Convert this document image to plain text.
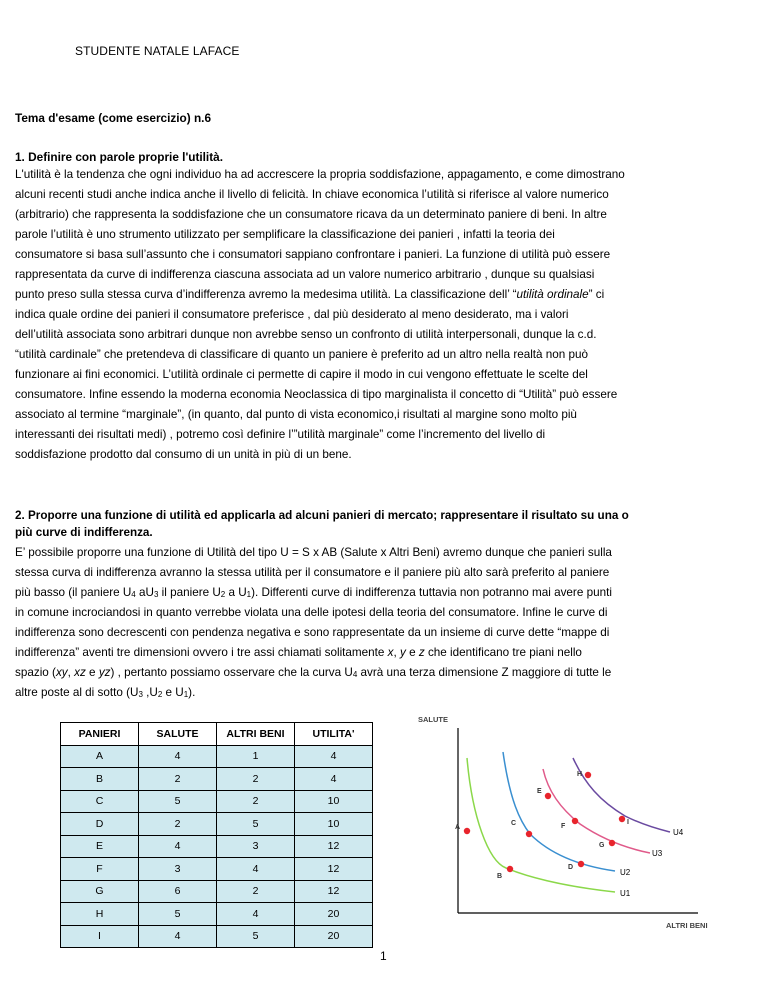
STUDENTE NATALE LAFACE
Tema d'esame (come esercizio) n.6
1. Definire con parole proprie l'utilità.
L'utilità è la tendenza che ogni individuo ha ad accrescere la propria soddisfazione, appagamento, e come dimostrano
alcuni recenti studi anche indica anche il livello di felicità. In chiave economica l’utilità si riferisce al valore numerico
(arbitrario) che rappresenta la soddisfazione che un consumatore ricava da un determinato paniere di beni. In altre
parole l’utilità è uno strumento utilizzato per semplificare la classificazione dei panieri , infatti la teoria dei
consumatore si basa sull’assunto che i consumatori sappiano confrontare i panieri. La funzione di utilità può essere
rappresentata da curve di indifferenza ciascuna associata ad un valore numerico arbitrario , dunque su qualsiasi
punto preso sulla stessa curva d’indifferenza avremo la medesima utilità. La classificazione dell’ “utilità ordinale” ci
indica quale ordine dei panieri il consumatore preferisce , dal più desiderato al meno desiderato, ma i valori
dell’utilità associata sono arbitrari dunque non avrebbe senso un confronto di utilità interpersonali, dunque la c.d.
“utilità cardinale” che pretendeva di classificare di quanto un paniere è preferito ad un altro nella realtà non può
funzionare ai fini economici. L’utilità ordinale ci permette di capire il modo in cui vengono effettuate le scelte del
consumatore. Infine essendo la moderna economia Neoclassica di tipo marginalista il concetto di “Utilità” può essere
associato al termine “marginale”, (in quanto, dal punto di vista economico,i risultati al margine sono molto più
interessanti dei risultati medi) , potremo così definire l’”utilità marginale” come l’incremento del livello di
soddisfazione prodotto dal consumo di un unità in più di un bene.
2. Proporre una funzione di utilità ed applicarla ad alcuni panieri di mercato; rappresentare il risultato su una o
più curve di indifferenza.
E’ possibile proporre una funzione di Utilità del tipo U = S x AB (Salute x Altri Beni) avremo dunque che panieri sulla
stessa curva di indifferenza avranno la stessa utilità per il consumatore e il paniere più alto sarà preferito al paniere
più basso (il paniere $U_4$ $aU_3$ il paniere $U_2$ a $U_1$). Differenti curve di indifferenza tuttavia non potranno mai avere punti
in comune incrociandosi in quanto verrebbe violata una delle ipotesi della teoria del consumatore. Infine le curve di
indifferenza sono decrescenti con pendenza negativa e sono rappresentate da un insieme di curve dette “mappe di
indifferenza” aventi tre dimensioni ovvero i tre assi chiamati solitamente x, y e z che identificano tre piani nello
spazio (xy, xz e yz) , pertanto possiamo osservare che la curva $U_4$ avrà una terza dimensione Z maggiore di tutte le
altre poste al di sotto ($U_3$ $,U_2$ e $U_1$).
PANIERI	SALUTE	ALTRI BENI	UTILITA'
A	4	1	4
B	2	2	4
C	5	2	10
D	2	5	10
E	4	3	12
F	3	4	12
G	6	2	12
H	5	4	20
I	4	5	20
SALUTE
ALTRI BENI
U1
U2
U3
U4
A
B
C
D
E
F
G
H
I
1
